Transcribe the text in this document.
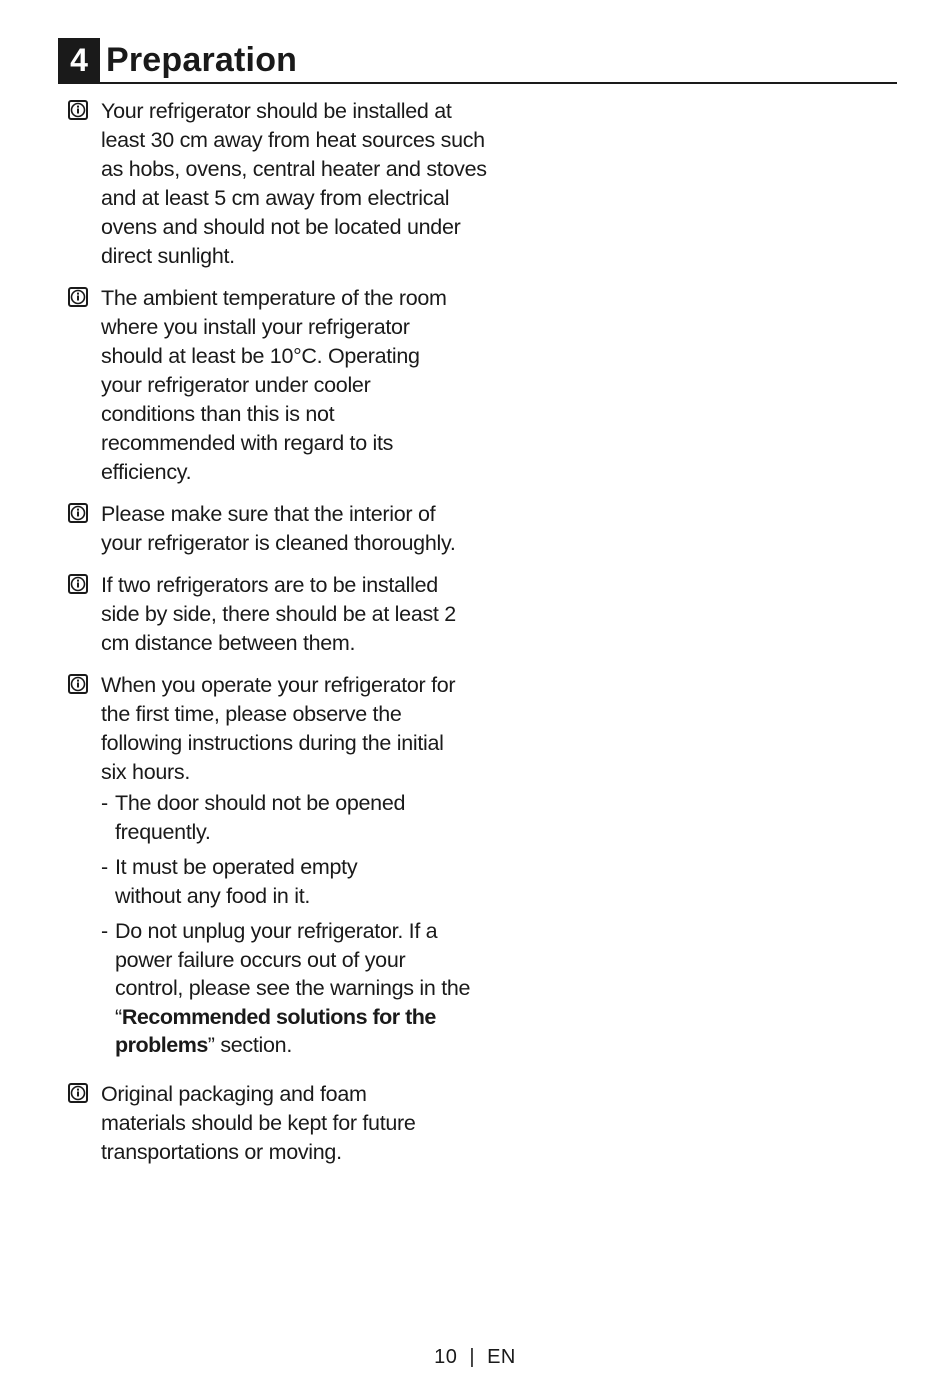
4 Preparation
Your refrigerator should be installed at least 30 cm away from heat sources such as hobs, ovens, central heater and stoves and at least 5 cm away from electrical ovens and should not be located under direct sunlight.
The ambient temperature of the room where you install your refrigerator should at least be 10°C. Operating your refrigerator under cooler conditions than this is not recommended with regard to its efficiency.
Please make sure that the interior of your refrigerator is cleaned thoroughly.
If two refrigerators are to be installed side by side, there should be at least 2 cm distance between them.
When you operate your refrigerator for the first time, please observe the following instructions during the initial six hours.
- The door should not be opened frequently.
- It must be operated empty without any food in it.
- Do not unplug your refrigerator. If a power failure occurs out of your control, please see the warnings in the “Recommended solutions for the problems” section.
Original packaging and foam materials should be kept for future transportations or moving.
10 | EN
